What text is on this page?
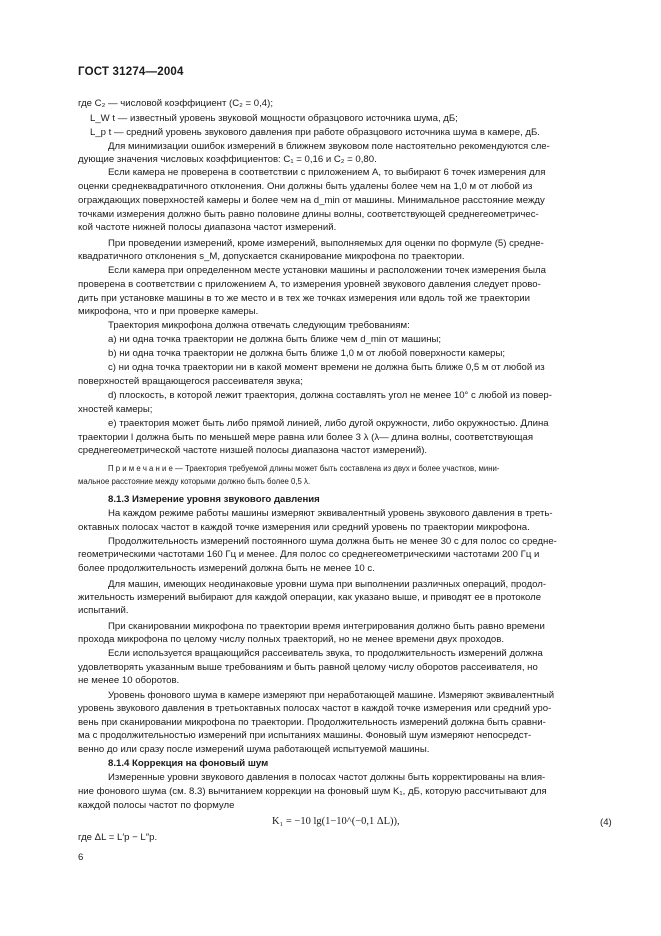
ГОСТ 31274—2004
где C₂ — числовой коэффициент (C₂ = 0,4);
L_W t — известный уровень звуковой мощности образцового источника шума, дБ;
L_p t — средний уровень звукового давления при работе образцового источника шума в камере, дБ.
Для минимизации ошибок измерений в ближнем звуковом поле настоятельно рекомендуются сле-
дующие значения числовых коэффициентов: C₁ = 0,16 и C₂ = 0,80.
Если камера не проверена в соответствии с приложением А, то выбирают 6 точек измерения для
оценки среднеквадратичного отклонения. Они должны быть удалены более чем на 1,0 м от любой из
ограждающих поверхностей камеры и более чем на d_min от машины. Минимальное расстояние между
точками измерения должно быть равно половине длины волны, соответствующей среднегеометричес-
кой частоте нижней полосы диапазона частот измерений.
При проведении измерений, кроме измерений, выполняемых для оценки по формуле (5) средне-
квадратичного отклонения s_M, допускается сканирование микрофона по траектории.
Если камера при определенном месте установки машины и расположении точек измерения была
проверена в соответствии с приложением А, то измерения уровней звукового давления следует прово-
дить при установке машины в то же место и в тех же точках измерения или вдоль той же траектории
микрофона, что и при проверке камеры.
Траектория микрофона должна отвечать следующим требованиям:
а) ни одна точка траектории не должна быть ближе чем d_min от машины;
b) ни одна точка траектории не должна быть ближе 1,0 м от любой поверхности камеры;
c) ни одна точка траектории ни в какой момент времени не должна быть ближе 0,5 м от любой из
поверхностей вращающегося рассеивателя звука;
d) плоскость, в которой лежит траектория, должна составлять угол не менее 10° с любой из повер-
хностей камеры;
е) траектория может быть либо прямой линией, либо дугой окружности, либо окружностью. Длина
траектории l должна быть по меньшей мере равна или более 3 λ (λ— длина волны, соответствующая
среднегеометрической частоте низшей полосы диапазона частот измерений).
П р и м е ч а н и е — Траектория требуемой длины может быть составлена из двух и более участков, мини-
мальное расстояние между которыми должно быть более 0,5 λ.
8.1.3 Измерение уровня звукового давления
На каждом режиме работы машины измеряют эквивалентный уровень звукового давления в треть-
октавных полосах частот в каждой точке измерения или средний уровень по траектории микрофона.
Продолжительность измерений постоянного шума должна быть не менее 30 с для полос со средне-
геометрическими частотами 160 Гц и менее. Для полос со среднегеометрическими частотами 200 Гц и
более продолжительность измерений должна быть не менее 10 с.
Для машин, имеющих неодинаковые уровни шума при выполнении различных операций, продол-
жительность измерений выбирают для каждой операции, как указано выше, и приводят ее в протоколе
испытаний.
При сканировании микрофона по траектории время интегрирования должно быть равно времени
прохода микрофона по целому числу полных траекторий, но не менее времени двух проходов.
Если используется вращающийся рассеиватель звука, то продолжительность измерений должна
удовлетворять указанным выше требованиям и быть равной целому числу оборотов рассеивателя, но
не менее 10 оборотов.
Уровень фонового шума в камере измеряют при неработающей машине. Измеряют эквивалентный
уровень звукового давления в третьоктавных полосах частот в каждой точке измерения или средний уро-
вень при сканировании микрофона по траектории. Продолжительность измерений должна быть сравни-
ма с продолжительностью измерений при испытаниях машины. Фоновый шум измеряют непосредст-
венно до или сразу после измерений шума работающей испытуемой машины.
8.1.4 Коррекция на фоновый шум
Измеренные уровни звукового давления в полосах частот должны быть корректированы на влия-
ние фонового шума (см. 8.3) вычитанием коррекции на фоновый шум K₁, дБ, которую рассчитывают для
каждой полосы частот по формуле
K₁ = −10 lg(1−10^(−0,1 ΔL)),	(4)
где ΔL = L′p − L″p.
6
